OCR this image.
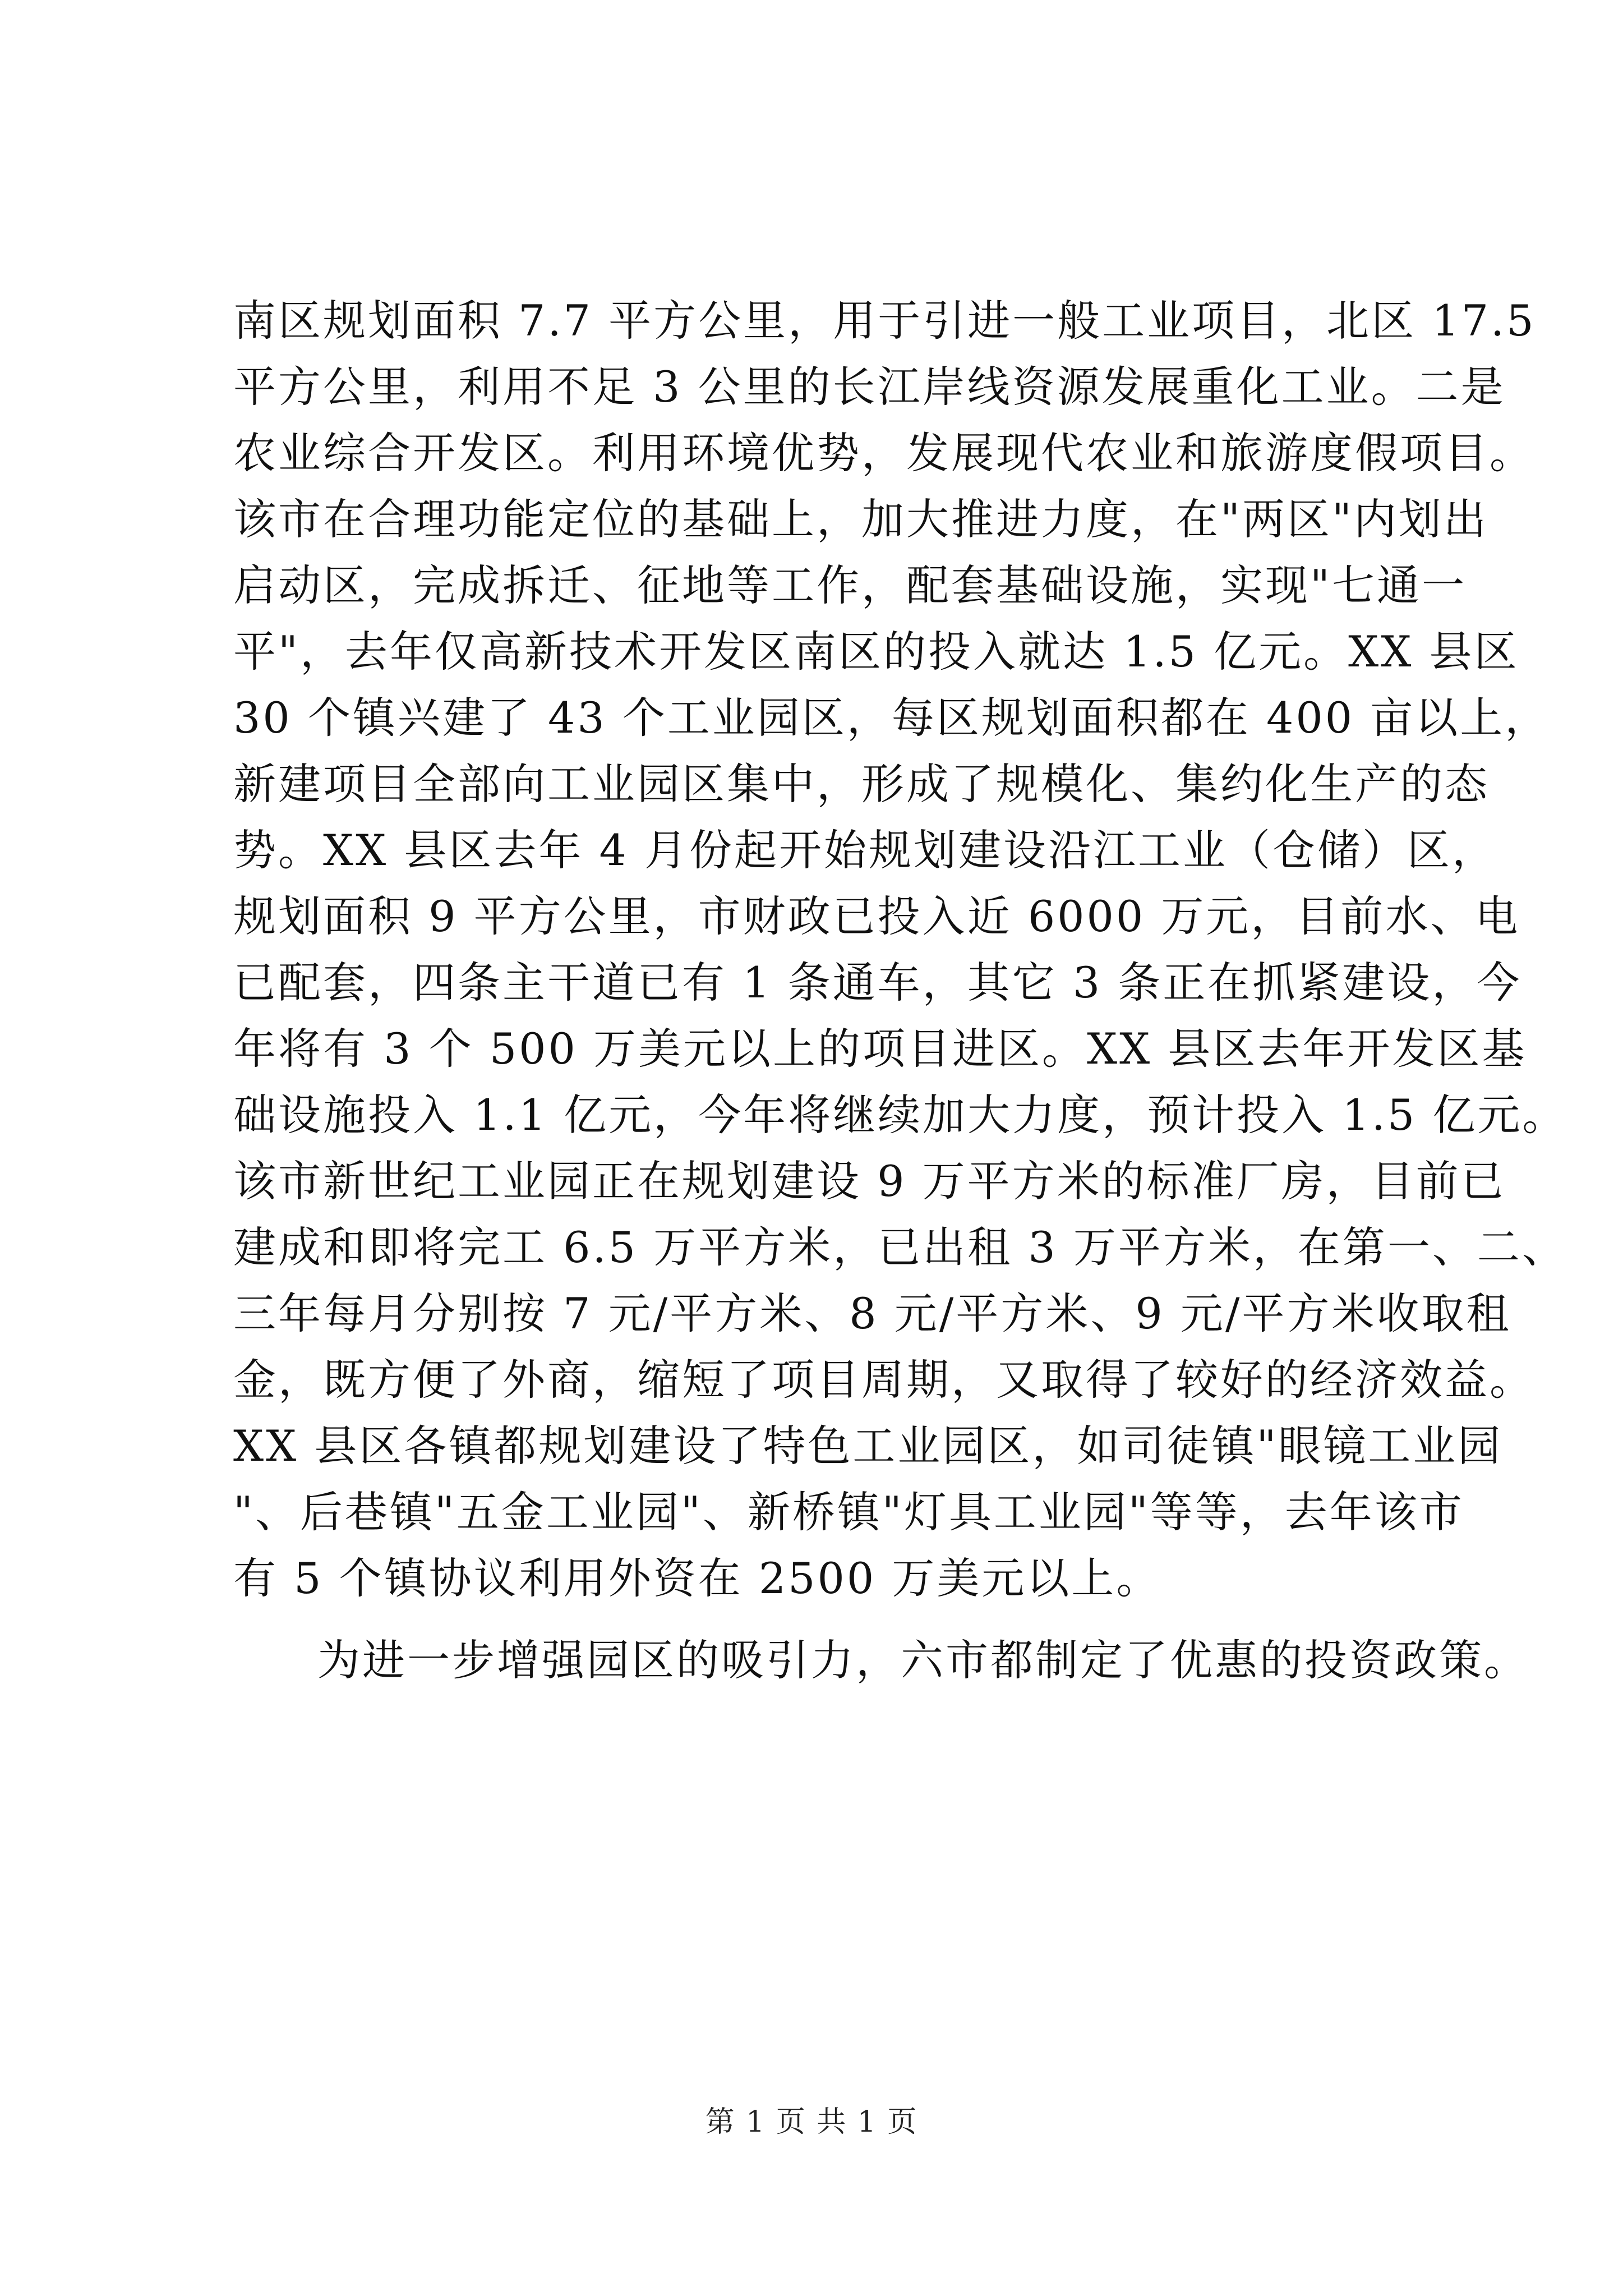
南区规划面积 7.7 平方公里，用于引进一般工业项目，北区 17.5
平方公里，利用不足 3 公里的长江岸线资源发展重化工业。二是
农业综合开发区。利用环境优势，发展现代农业和旅游度假项目。
该市在合理功能定位的基础上，加大推进力度，在"两区"内划出
启动区，完成拆迁、征地等工作，配套基础设施，实现"七通一
平"，去年仅高新技术开发区南区的投入就达 1.5 亿元。XX 县区
30 个镇兴建了 43 个工业园区，每区规划面积都在 400 亩以上，
新建项目全部向工业园区集中，形成了规模化、集约化生产的态
势。XX 县区去年 4 月份起开始规划建设沿江工业（仓储）区，
规划面积 9 平方公里，市财政已投入近 6000 万元，目前水、电
已配套，四条主干道已有 1 条通车，其它 3 条正在抓紧建设，今
年将有 3 个 500 万美元以上的项目进区。XX 县区去年开发区基
础设施投入 1.1 亿元，今年将继续加大力度，预计投入 1.5 亿元。
该市新世纪工业园正在规划建设 9 万平方米的标准厂房，目前已
建成和即将完工 6.5 万平方米，已出租 3 万平方米，在第一、二、
三年每月分别按 7 元/平方米、8 元/平方米、9 元/平方米收取租
金，既方便了外商，缩短了项目周期，又取得了较好的经济效益。
XX 县区各镇都规划建设了特色工业园区，如司徒镇"眼镜工业园
"、后巷镇"五金工业园"、新桥镇"灯具工业园"等等，去年该市
有 5 个镇协议利用外资在 2500 万美元以上。
为进一步增强园区的吸引力，六市都制定了优惠的投资政策。
第 1 页 共 1 页
